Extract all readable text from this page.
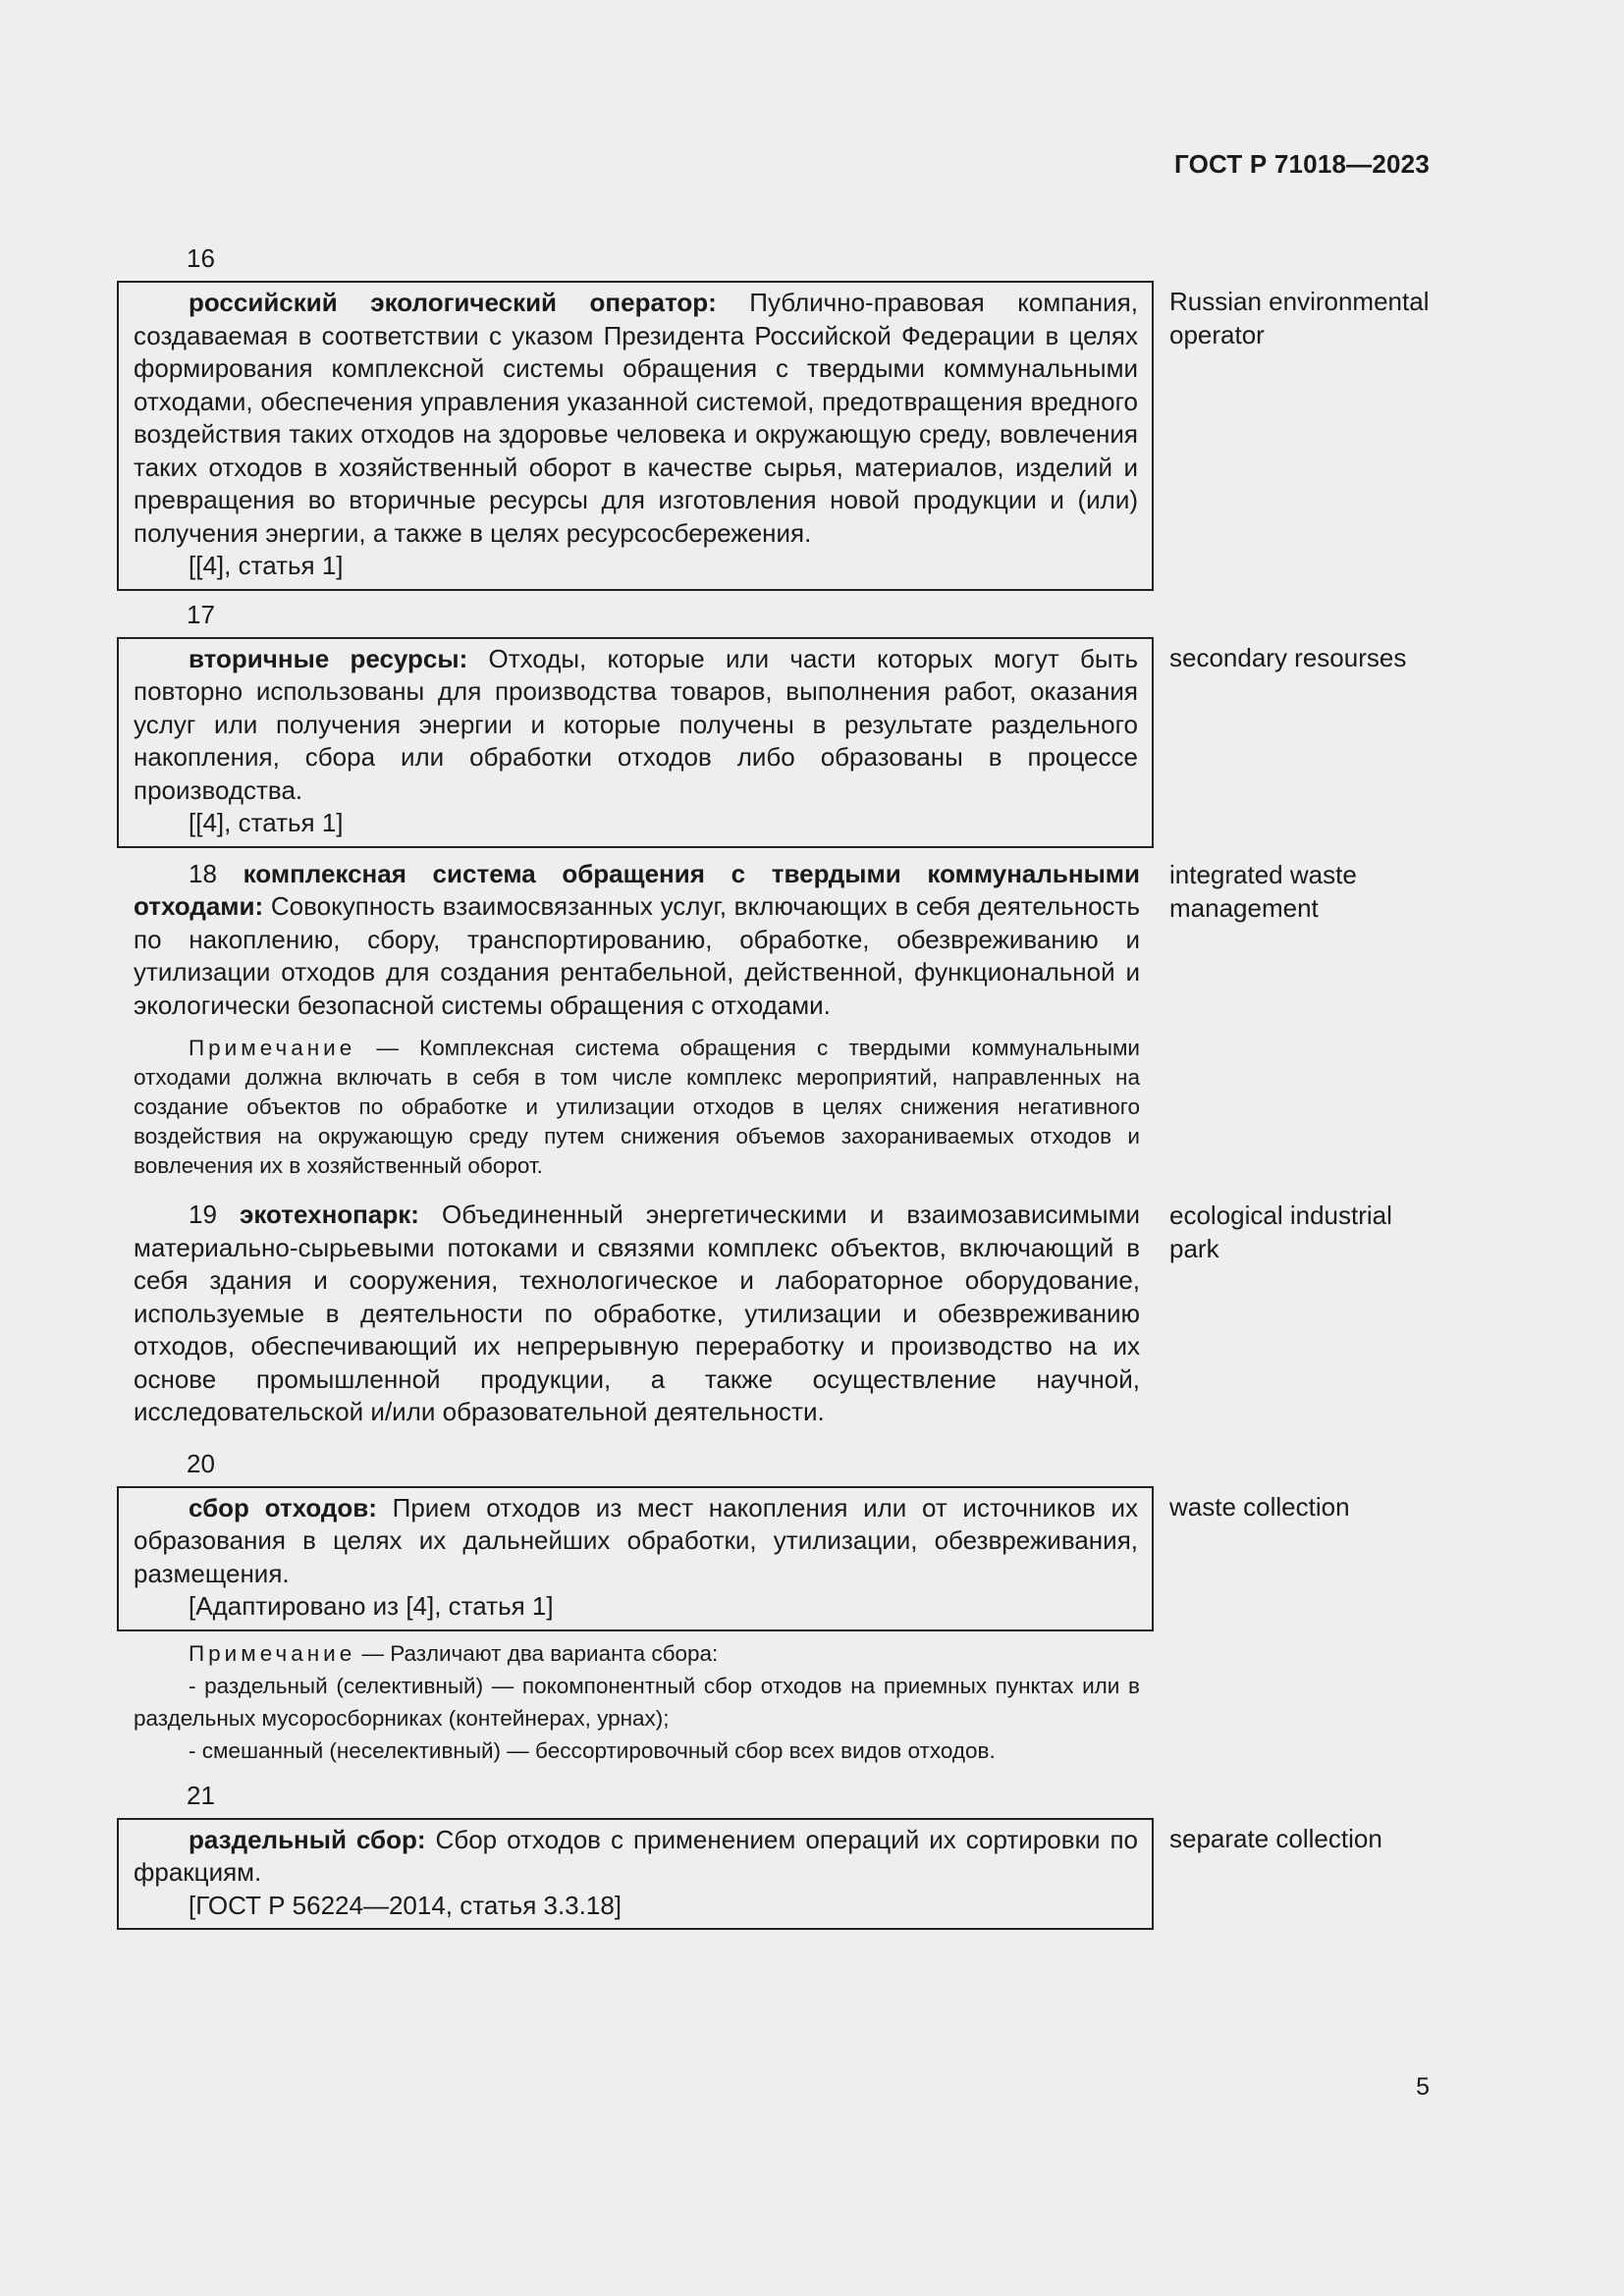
ГОСТ Р 71018—2023
16

российский экологический оператор: Публично-правовая компания, создаваемая в соответствии с указом Президента Российской Федерации в целях формирования комплексной системы обращения с твердыми коммунальными отходами, обеспечения управления указанной системой, предотвращения вредного воздействия таких отходов на здоровье человека и окружающую среду, вовлечения таких отходов в хозяйственный оборот в качестве сырья, материалов, изделий и превращения во вторичные ресурсы для изготовления новой продукции и (или) получения энергии, а также в целях ресурсосбережения.

[[4], статья 1]

Russian environmental operator
17

вторичные ресурсы: Отходы, которые или части которых могут быть повторно использованы для производства товаров, выполнения работ, оказания услуг или получения энергии и которые получены в результате раздельного накопления, сбора или обработки отходов либо образованы в процессе производства.

[[4], статья 1]

secondary resourses

18 комплексная система обращения с твердыми коммунальными отходами: Совокупность взаимосвязанных услуг, включающих в себя деятельность по накоплению, сбору, транспортированию, обработке, обезвреживанию и утилизации отходов для создания рентабельной, действенной, функциональной и экологически безопасной системы обращения с отходами.

Примечание — Комплексная система обращения с твердыми коммунальными отходами должна включать в себя в том числе комплекс мероприятий, направленных на создание объектов по обработке и утилизации отходов в целях снижения негативного воздействия на окружающую среду путем снижения объемов захораниваемых отходов и вовлечения их в хозяйственный оборот.

integrated waste management

19 экотехнопарк: Объединенный энергетическими и взаимозависимыми материально-сырьевыми потоками и связями комплекс объектов, включающий в себя здания и сооружения, технологическое и лабораторное оборудование, используемые в деятельности по обработке, утилизации и обезвреживанию отходов, обеспечивающий их непрерывную переработку и производство на их основе промышленной продукции, а также осуществление научной, исследовательской и/или образовательной деятельности.

ecological industrial park
20

сбор отходов: Прием отходов из мест накопления или от источников их образования в целях их дальнейших обработки, утилизации, обезвреживания, размещения.

[Адаптировано из [4], статья 1]

waste collection

Примечание — Различают два варианта сбора:

- раздельный (селективный) — покомпонентный сбор отходов на приемных пунктах или в раздельных мусоросборниках (контейнерах, урнах);

- смешанный (неселективный) — бессортировочный сбор всех видов отходов.

21

раздельный сбор: Сбор отходов с применением операций их сортировки по фракциям.

[ГОСТ Р 56224—2014, статья 3.3.18]

separate collection
5
